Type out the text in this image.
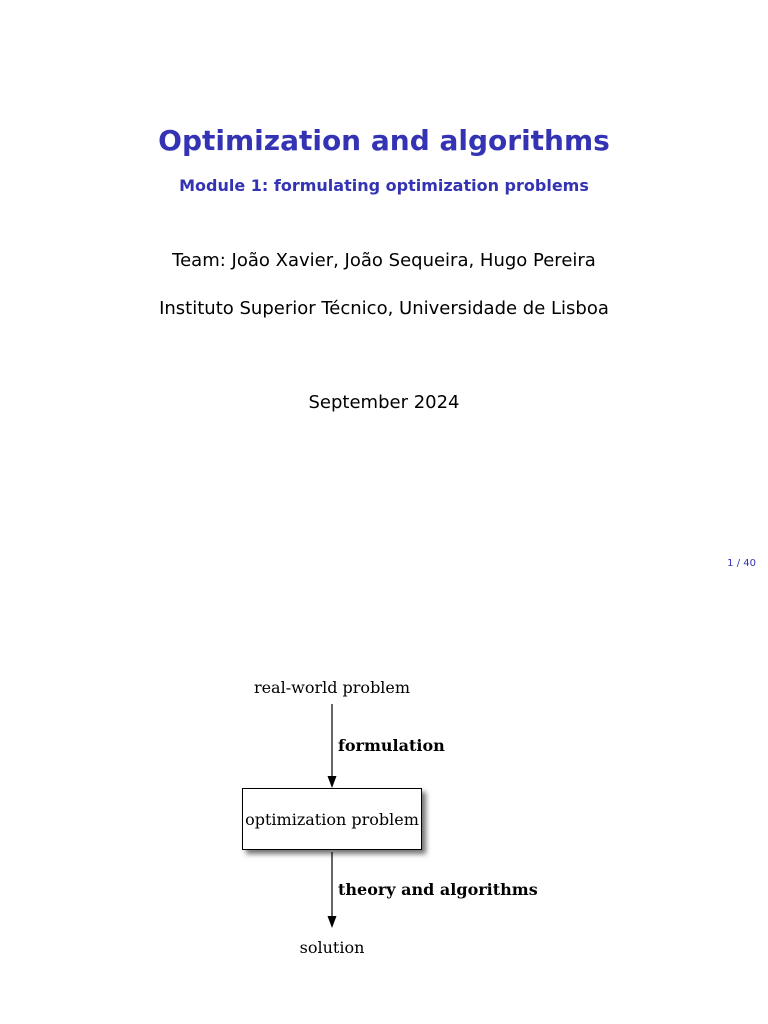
Optimization and algorithms
Module 1: formulating optimization problems
Team: João Xavier, João Sequeira, Hugo Pereira
Instituto Superior Técnico, Universidade de Lisboa
September 2024
1 / 40
real-world problem
formulation
optimization problem
theory and algorithms
solution
